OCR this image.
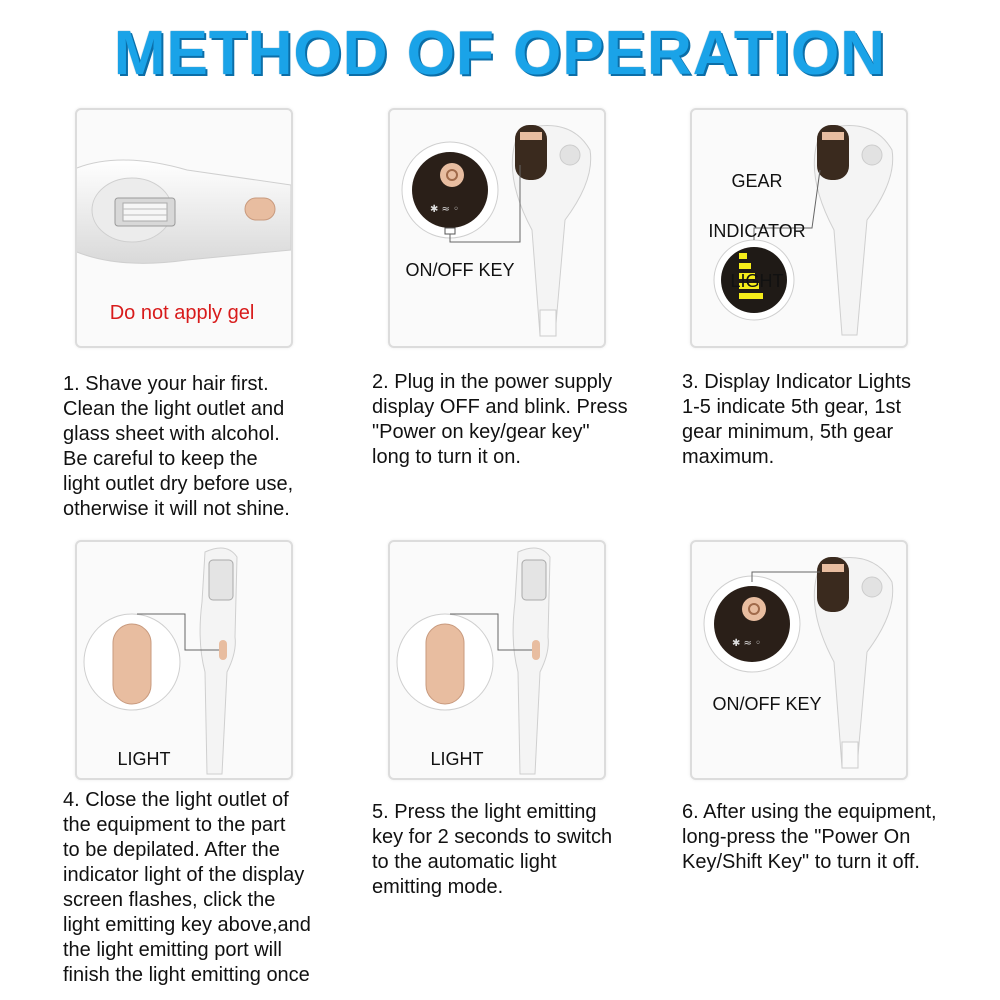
METHOD OF OPERATION

Do not apply gel

✱ ≈ ◦
ON/OFF KEY

GEAR

INDICATOR

LIGHT

1. Shave your hair first.
Clean the light outlet and
glass sheet with alcohol.
Be careful to keep the
light outlet dry before use,
otherwise it will not shine.
2. Plug in the power supply
display OFF and blink. Press
"Power on key/gear key"
long to turn it on.
3. Display Indicator Lights
1-5 indicate 5th gear, 1st
gear minimum, 5th gear
maximum.

LIGHT	LIGHT

✱ ≈ ◦
ON/OFF KEY
4. Close the light outlet of
the equipment to the part
to be depilated. After the
indicator light of the display
screen flashes, click the
light emitting key above,and
the light emitting port will
finish the light emitting once
5. Press the light emitting
key for 2 seconds to switch
to the automatic light
emitting mode.
6. After using the equipment,
long-press the "Power On
Key/Shift Key" to turn it off.
